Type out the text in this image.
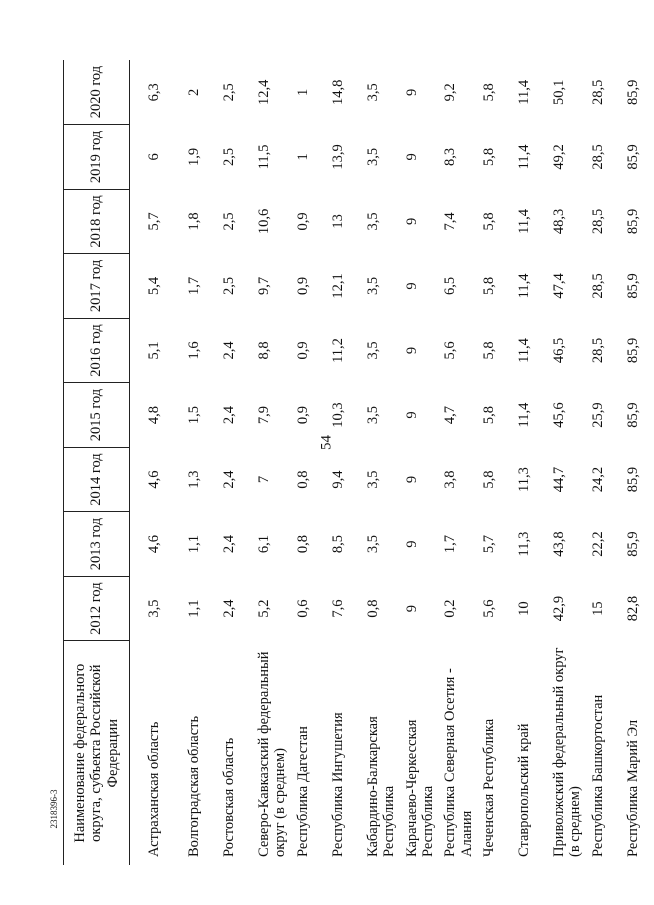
54
2318396-3 Наименование федерального округа, субъекта Российской Федерации	2012 год	2013 год	2014 год	2015 год	2016 год	2017 год	2018 год	2019 год	2020 год
Астраханская область	3,5	4,6	4,6	4,8	5,1	5,4	5,7	6	6,3
Волгоградская область	1,1	1,1	1,3	1,5	1,6	1,7	1,8	1,9	2
Ростовская область	2,4	2,4	2,4	2,4	2,4	2,5	2,5	2,5	2,5
Северо-Кавказский федеральный округ (в среднем)	5,2	6,1	7	7,9	8,8	9,7	10,6	11,5	12,4
Республика Дагестан	0,6	0,8	0,8	0,9	0,9	0,9	0,9	1	1
Республика Ингушетия	7,6	8,5	9,4	10,3	11,2	12,1	13	13,9	14,8
Кабардино-Балкарская Республика	0,8	3,5	3,5	3,5	3,5	3,5	3,5	3,5	3,5
Карачаево-Черкесская Республика	9	9	9	9	9	9	9	9	9
Республика Северная Осетия - Алания	0,2	1,7	3,8	4,7	5,6	6,5	7,4	8,3	9,2
Чеченская Республика	5,6	5,7	5,8	5,8	5,8	5,8	5,8	5,8	5,8
Ставропольский край	10	11,3	11,3	11,4	11,4	11,4	11,4	11,4	11,4
Приволжский федеральный округ (в среднем)	42,9	43,8	44,7	45,6	46,5	47,4	48,3	49,2	50,1
Республика Башкортостан	15	22,2	24,2	25,9	28,5	28,5	28,5	28,5	28,5
Республика Марий Эл	82,8	85,9	85,9	85,9	85,9	85,9	85,9	85,9	85,9
